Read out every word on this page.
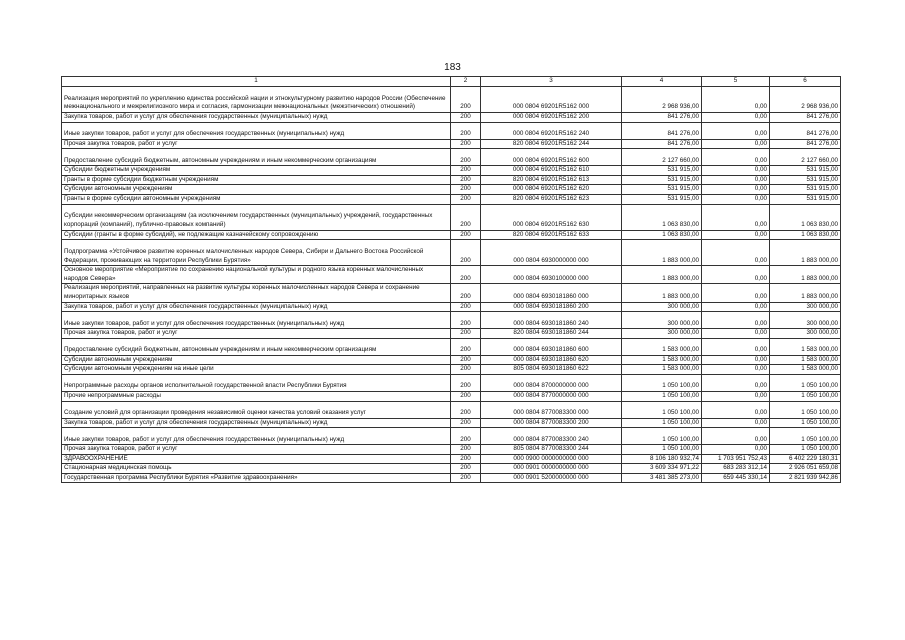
183
1	2	3	4	5	6
Реализация мероприятий по укреплению единства российской нации и этнокультурному развитию народов России (Обеспечение межнационального и межрелигиозного мира и согласия, гармонизации межнациональных (межэтнических) отношений)	200	000 0804 69201R5162 000	2 968 936,00	0,00	2 968 936,00
Закупка товаров, работ и услуг для обеспечения государственных (муниципальных) нужд	200	000 0804 69201R5162 200	841 276,00	0,00	841 276,00
Иные закупки товаров, работ и услуг для обеспечения государственных (муниципальных) нужд	200	000 0804 69201R5162 240	841 276,00	0,00	841 276,00
Прочая закупка товаров, работ и услуг	200	820 0804 69201R5162 244	841 276,00	0,00	841 276,00
Предоставление субсидий бюджетным, автономным учреждениям и иным некоммерческим организациям	200	000 0804 69201R5162 600	2 127 660,00	0,00	2 127 660,00
Субсидии бюджетным учреждениям	200	000 0804 69201R5162 610	531 915,00	0,00	531 915,00
Гранты в форме субсидии бюджетным учреждениям	200	820 0804 69201R5162 613	531 915,00	0,00	531 915,00
Субсидии автономным учреждениям	200	000 0804 69201R5162 620	531 915,00	0,00	531 915,00
Гранты в форме субсидии автономным учреждениям	200	820 0804 69201R5162 623	531 915,00	0,00	531 915,00
Субсидии некоммерческим организациям (за исключением государственных (муниципальных) учреждений, государственных корпораций (компаний), публично-правовых компаний)	200	000 0804 69201R5162 630	1 063 830,00	0,00	1 063 830,00
Субсидии (гранты в форме субсидий), не подлежащие казначейскому сопровождению	200	820 0804 69201R5162 633	1 063 830,00	0,00	1 063 830,00
Подпрограмма «Устойчивое развитие коренных малочисленных народов Севера, Сибири и Дальнего Востока Российской Федерации, проживающих на территории Республики Бурятия»	200	000 0804 6930000000 000	1 883 000,00	0,00	1 883 000,00
Основное мероприятие «Мероприятие по сохранению национальной культуры и родного языка коренных малочисленных народов Севера»	200	000 0804 6930100000 000	1 883 000,00	0,00	1 883 000,00
Реализация мероприятий, направленных на развитие культуры коренных малочисленных народов Севера и сохранение миноритарных языков	200	000 0804 6930181860 000	1 883 000,00	0,00	1 883 000,00
Закупка товаров, работ и услуг для обеспечения государственных (муниципальных) нужд	200	000 0804 6930181860 200	300 000,00	0,00	300 000,00
Иные закупки товаров, работ и услуг для обеспечения государственных (муниципальных) нужд	200	000 0804 6930181860 240	300 000,00	0,00	300 000,00
Прочая закупка товаров, работ и услуг	200	820 0804 6930181860 244	300 000,00	0,00	300 000,00
Предоставление субсидий бюджетным, автономным учреждениям и иным некоммерческим организациям	200	000 0804 6930181860 600	1 583 000,00	0,00	1 583 000,00
Субсидии автономным учреждениям	200	000 0804 6930181860 620	1 583 000,00	0,00	1 583 000,00
Субсидии автономным учреждениям на иные цели	200	805 0804 6930181860 622	1 583 000,00	0,00	1 583 000,00
Непрограммные расходы органов исполнительной государственной власти Республики Бурятия	200	000 0804 8700000000 000	1 050 100,00	0,00	1 050 100,00
Прочие непрограммные расходы	200	000 0804 8770000000 000	1 050 100,00	0,00	1 050 100,00
Создание условий для организации проведения независимой оценки качества условий оказания услуг	200	000 0804 8770083300 000	1 050 100,00	0,00	1 050 100,00
Закупка товаров, работ и услуг для обеспечения государственных (муниципальных) нужд	200	000 0804 8770083300 200	1 050 100,00	0,00	1 050 100,00
Иные закупки товаров, работ и услуг для обеспечения государственных (муниципальных) нужд	200	000 0804 8770083300 240	1 050 100,00	0,00	1 050 100,00
Прочая закупка товаров, работ и услуг	200	805 0804 8770083300 244	1 050 100,00	0,00	1 050 100,00
ЗДРАВООХРАНЕНИЕ	200	000 0900 0000000000 000	8 106 180 932,74	1 703 951 752,43	6 402 229 180,31
Стационарная медицинская помощь	200	000 0901 0000000000 000	3 609 334 971,22	683 283 312,14	2 926 051 659,08
Государственная программа Республики Бурятия «Развитие здравоохранения»	200	000 0901 5200000000 000	3 481 385 273,00	659 445 330,14	2 821 939 942,86
